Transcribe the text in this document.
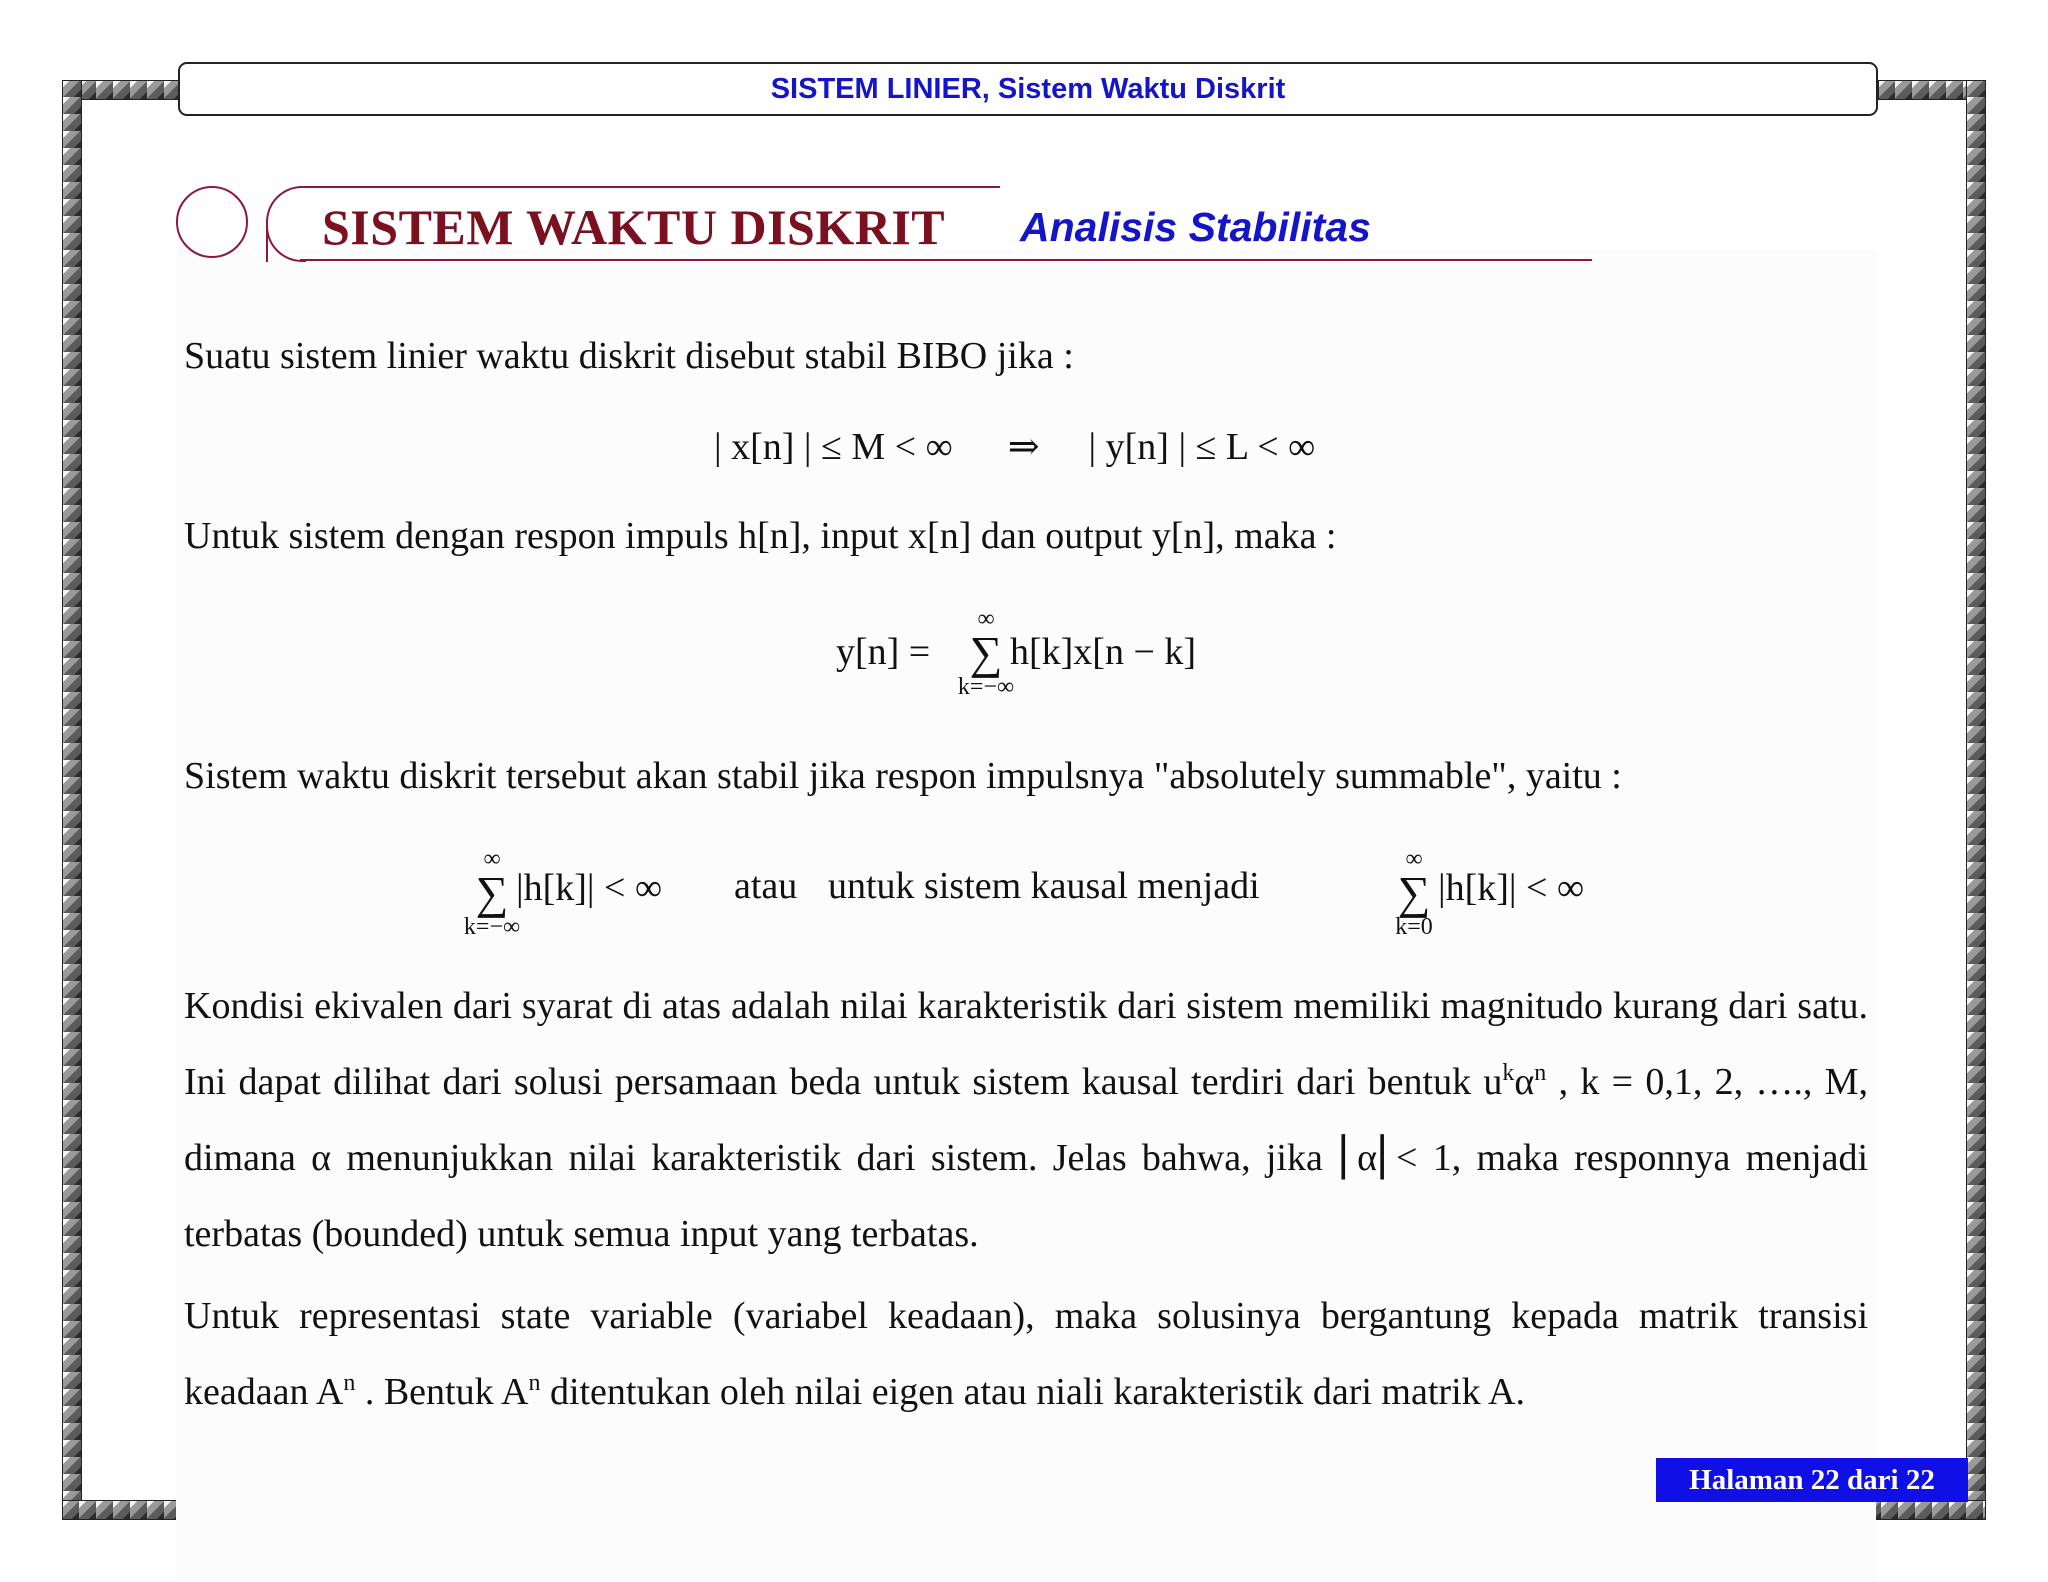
SISTEM LINIER, Sistem Waktu Diskrit
SISTEM WAKTU DISKRIT Analisis Stabilitas

Suatu sistem linier waktu diskrit disebut stabil BIBO jika :

| x[n] | ≤ M < ∞ ⇒ | y[n] | ≤ L < ∞

Untuk sistem dengan respon impuls h[n], input x[n] dan output y[n], maka :

y[n] =
∞
∑
k=−∞
h[k]x[n − k]

Sistem waktu diskrit tersebut akan stabil jika respon impulsnya "absolutely summable", yaitu :

∞
∑
k=−∞
|h[k]| < ∞ atau untuk sistem kausal menjadi
∞
∑
k=0
|h[k]| < ∞

Kondisi ekivalen dari syarat di atas adalah nilai karakteristik dari sistem memiliki magnitudo kurang dari satu. Ini dapat dilihat dari solusi persamaan beda untuk sistem kausal terdiri dari bentuk $u^k\alpha^n$ , k = 0,1, 2, …., M, dimana α menunjukkan nilai karakteristik dari sistem. Jelas bahwa, jika ⎢α⎢< 1, maka responnya menjadi terbatas (bounded) untuk semua input yang terbatas.

Untuk representasi state variable (variabel keadaan), maka solusinya bergantung kepada matrik transisi keadaan $A^n$ . Bentuk $A^n$ ditentukan oleh nilai eigen atau niali karakteristik dari matrik A.

Halaman 22 dari 22
